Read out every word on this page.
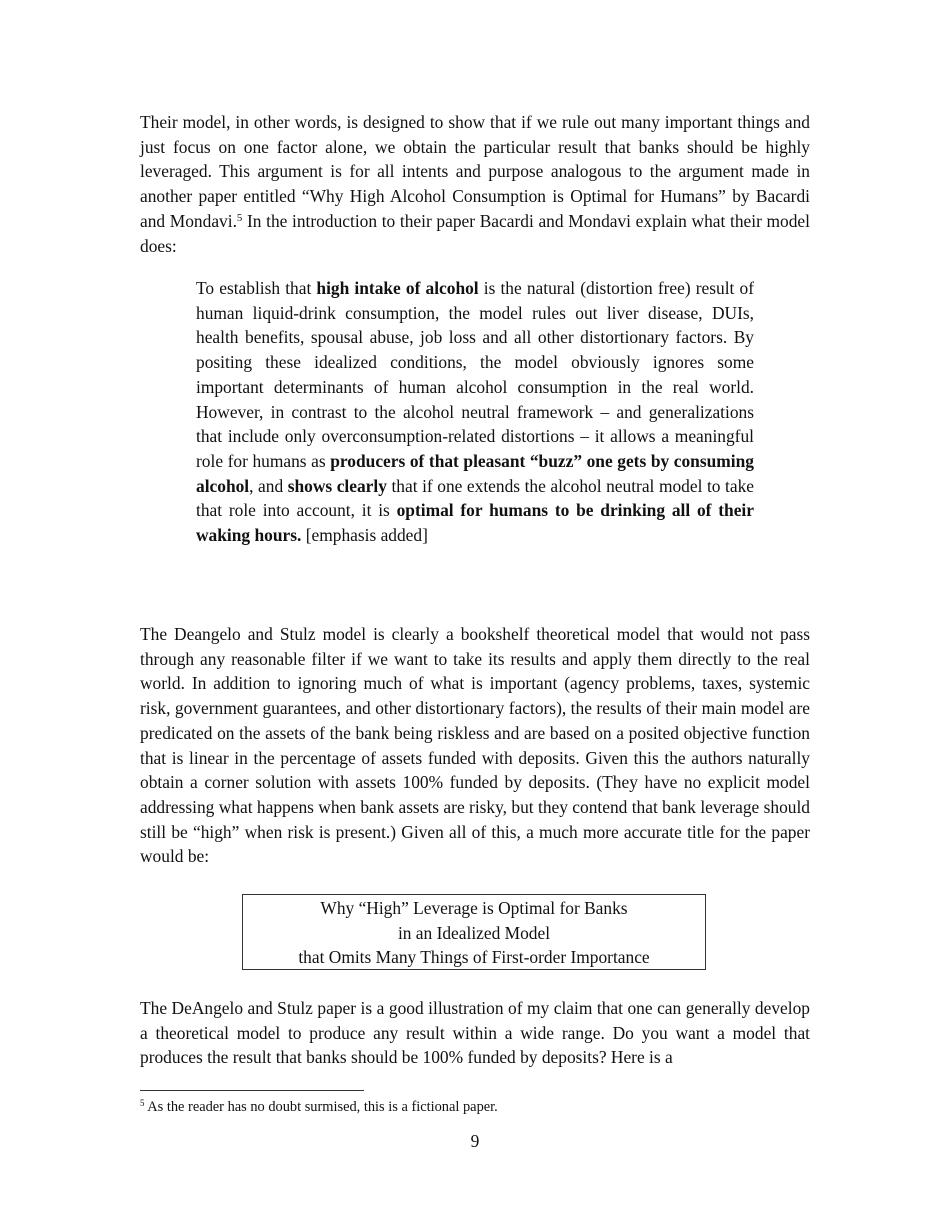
Their model, in other words, is designed to show that if we rule out many important things and just focus on one factor alone, we obtain the particular result that banks should be highly leveraged. This argument is for all intents and purpose analogous to the argument made in another paper entitled “Why High Alcohol Consumption is Optimal for Humans” by Bacardi and Mondavi.$^5$ In the introduction to their paper Bacardi and Mondavi explain what their model does:

To establish that high intake of alcohol is the natural (distortion free) result of human liquid-drink consumption, the model rules out liver disease, DUIs, health benefits, spousal abuse, job loss and all other distortionary factors. By positing these idealized conditions, the model obviously ignores some important determinants of human alcohol consumption in the real world. However, in contrast to the alcohol neutral framework – and generalizations that include only overconsumption-related distortions – it allows a meaningful role for humans as producers of that pleasant “buzz” one gets by consuming alcohol, and shows clearly that if one extends the alcohol neutral model to take that role into account, it is optimal for humans to be drinking all of their waking hours. [emphasis added]

The Deangelo and Stulz model is clearly a bookshelf theoretical model that would not pass through any reasonable filter if we want to take its results and apply them directly to the real world. In addition to ignoring much of what is important (agency problems, taxes, systemic risk, government guarantees, and other distortionary factors), the results of their main model are predicated on the assets of the bank being riskless and are based on a posited objective function that is linear in the percentage of assets funded with deposits. Given this the authors naturally obtain a corner solution with assets 100% funded by deposits. (They have no explicit model addressing what happens when bank assets are risky, but they contend that bank leverage should still be “high” when risk is present.) Given all of this, a much more accurate title for the paper would be:

Why “High” Leverage is Optimal for Banks
in an Idealized Model
that Omits Many Things of First-order Importance

The DeAngelo and Stulz paper is a good illustration of my claim that one can generally develop a theoretical model to produce any result within a wide range. Do you want a model that produces the result that banks should be 100% funded by deposits? Here is a

$^5$ As the reader has no doubt surmised, this is a fictional paper.
9
